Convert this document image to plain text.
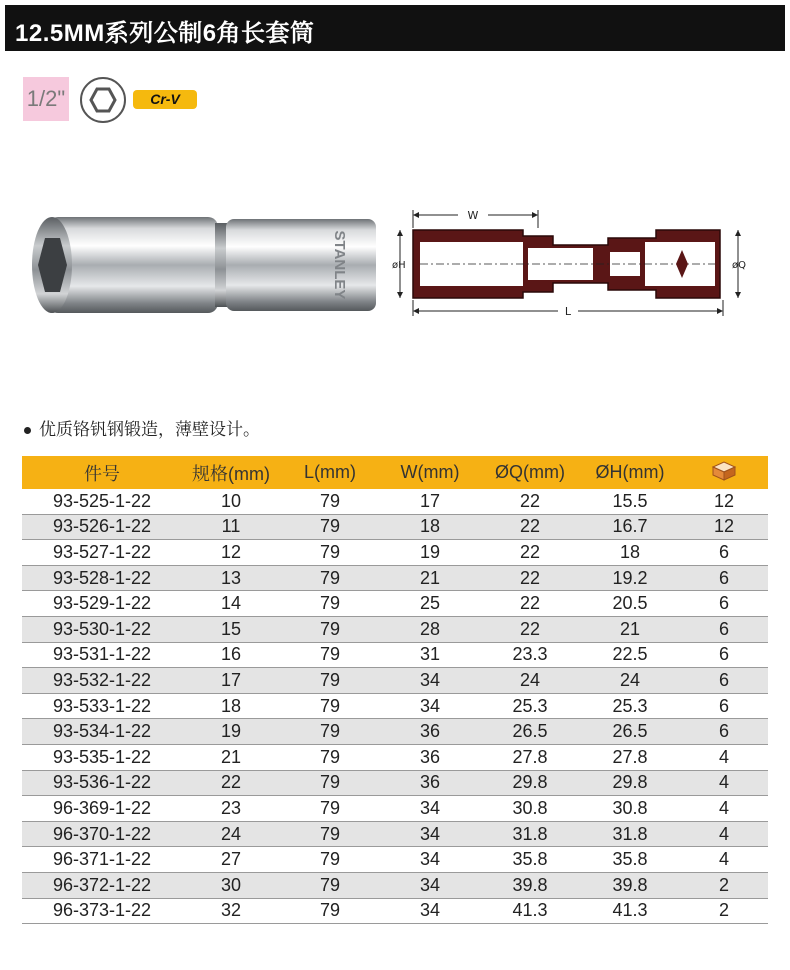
12.5MM系列公制6角长套筒
1/2"	Cr-V
STANLEY
W
øH	øQ
L
优质铬钒钢锻造，薄壁设计。
件号	规格(mm)	L(mm)	W(mm)	ØQ(mm)	ØH(mm)	
93-525-1-22	10	79	17	22	15.5	12
93-526-1-22	11	79	18	22	16.7	12
93-527-1-22	12	79	19	22	18	6
93-528-1-22	13	79	21	22	19.2	6
93-529-1-22	14	79	25	22	20.5	6
93-530-1-22	15	79	28	22	21	6
93-531-1-22	16	79	31	23.3	22.5	6
93-532-1-22	17	79	34	24	24	6
93-533-1-22	18	79	34	25.3	25.3	6
93-534-1-22	19	79	36	26.5	26.5	6
93-535-1-22	21	79	36	27.8	27.8	4
93-536-1-22	22	79	36	29.8	29.8	4
96-369-1-22	23	79	34	30.8	30.8	4
96-370-1-22	24	79	34	31.8	31.8	4
96-371-1-22	27	79	34	35.8	35.8	4
96-372-1-22	30	79	34	39.8	39.8	2
96-373-1-22	32	79	34	41.3	41.3	2
